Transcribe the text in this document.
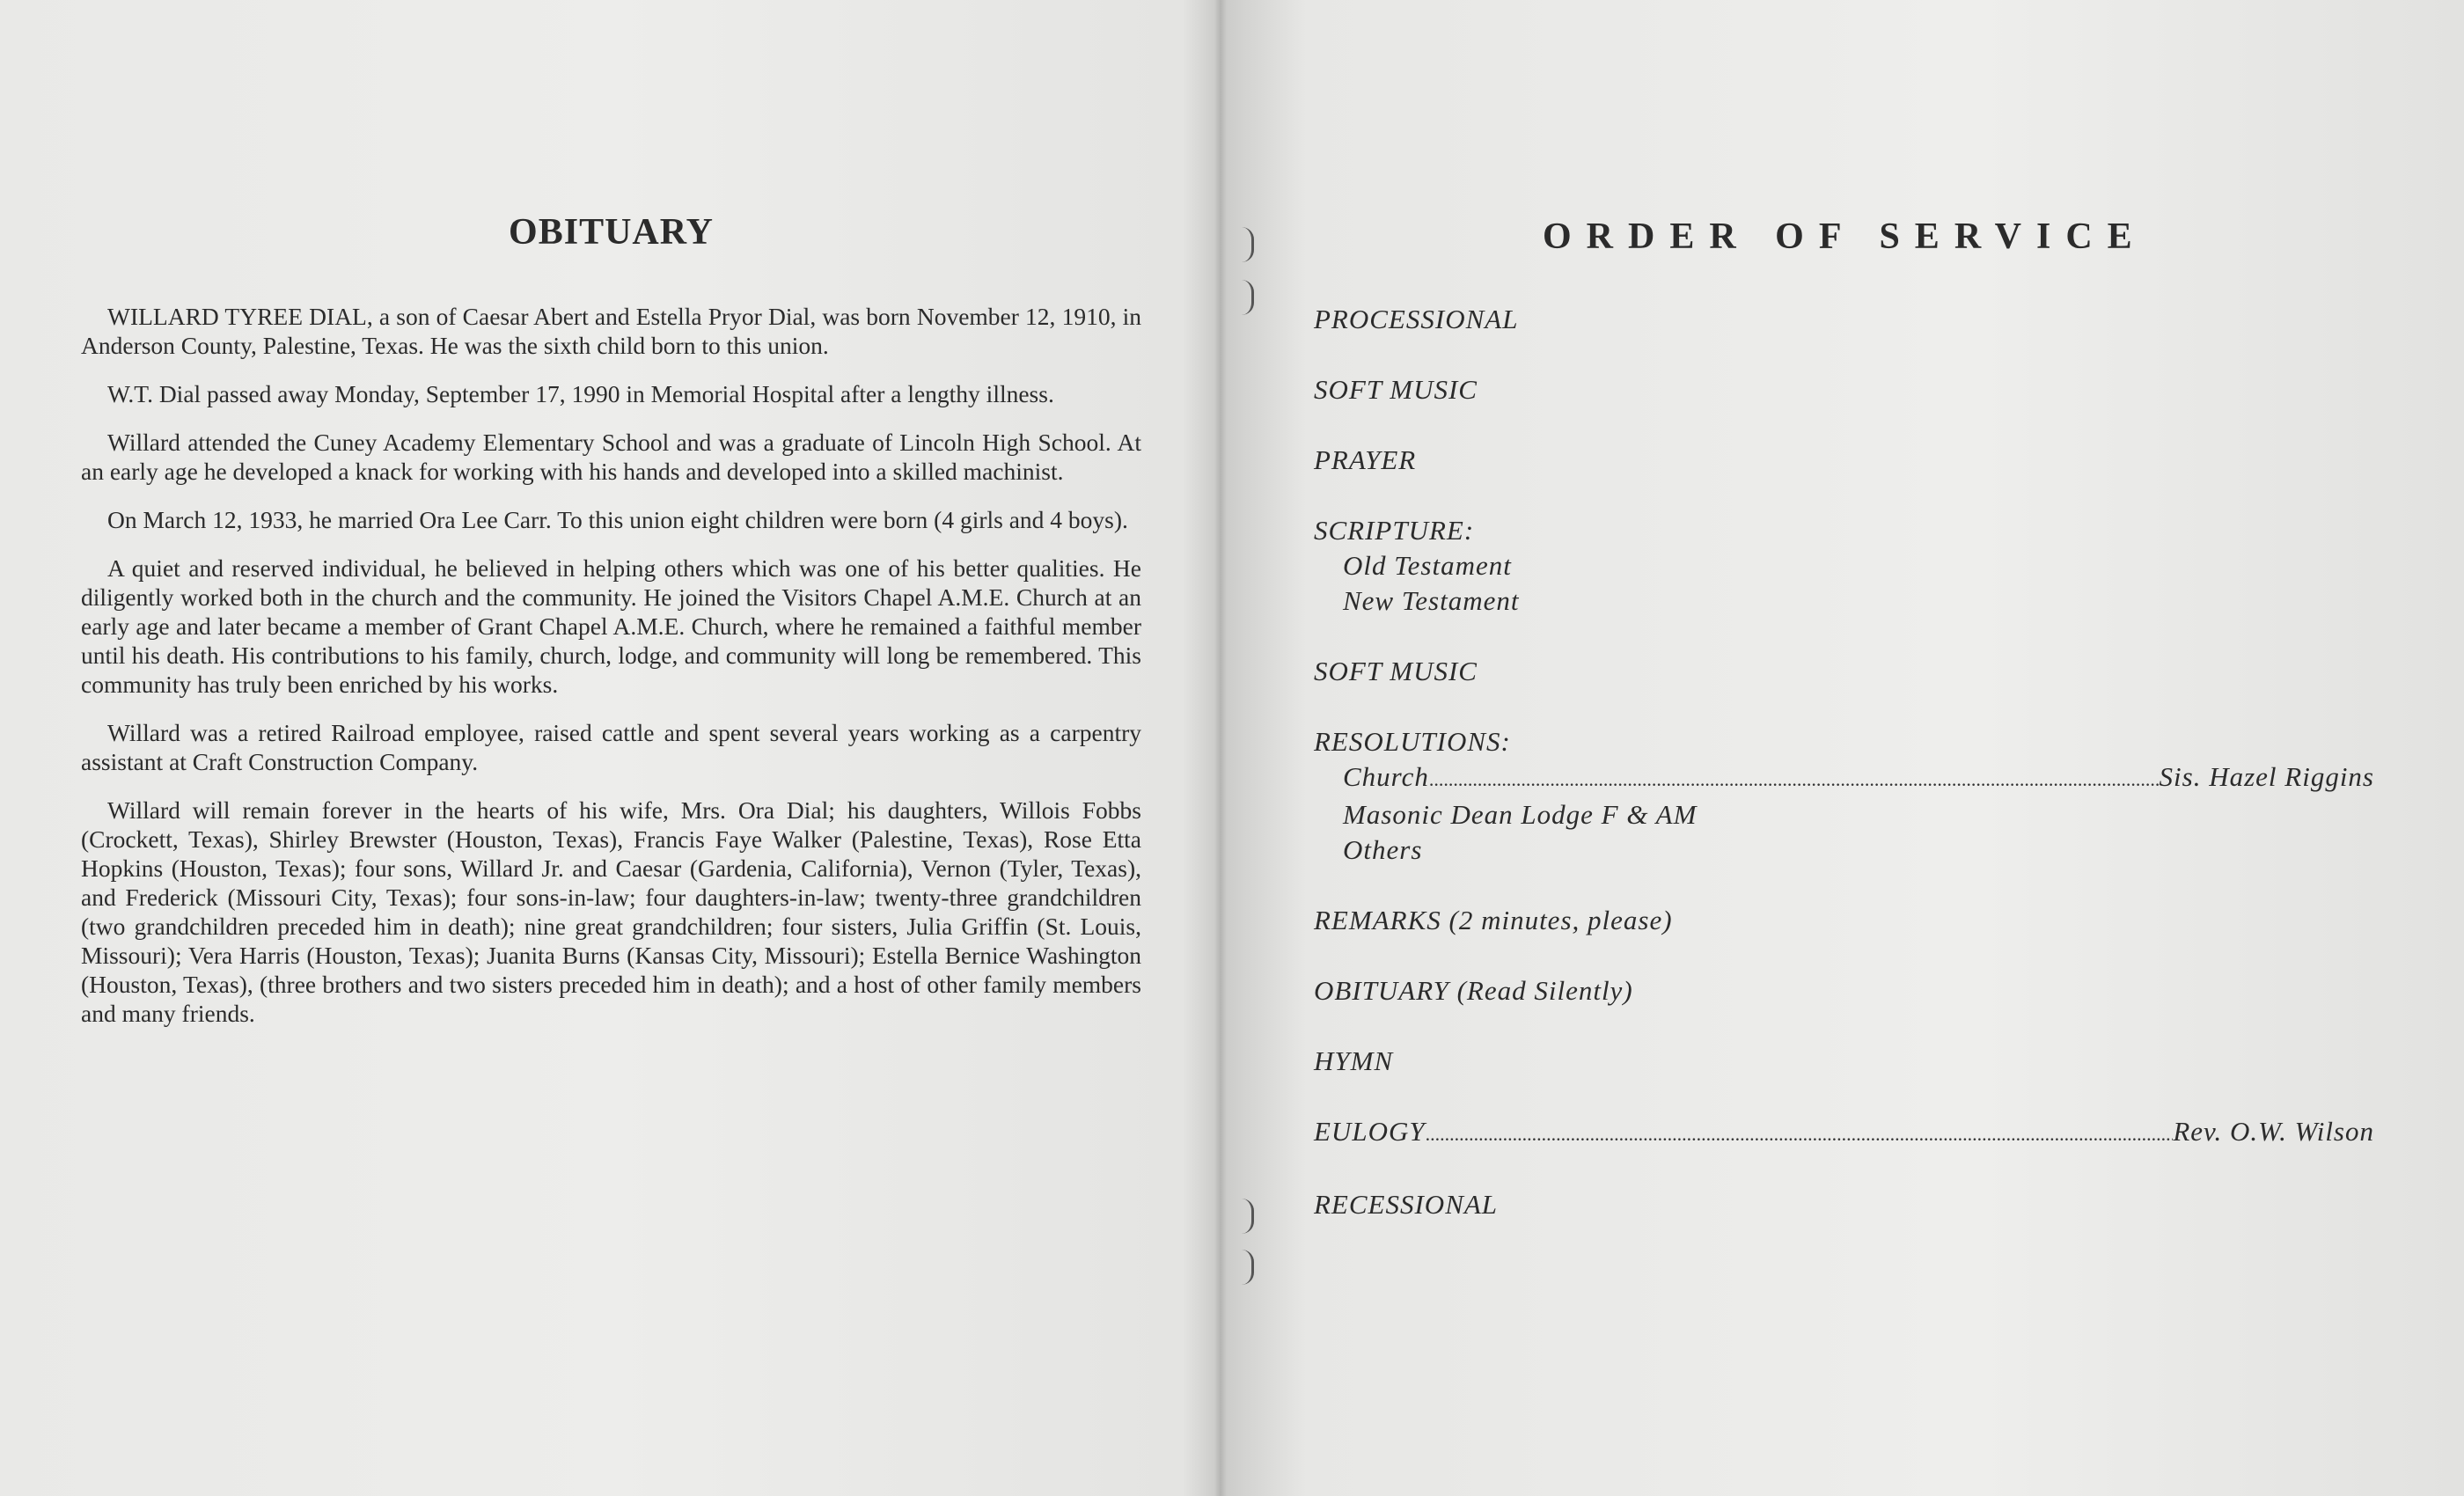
OBITUARY

WILLARD TYREE DIAL, a son of Caesar Abert and Estella Pryor Dial, was born November 12, 1910, in Anderson County, Palestine, Texas. He was the sixth child born to this union.

W.T. Dial passed away Monday, September 17, 1990 in Memorial Hospital after a lengthy illness.

Willard attended the Cuney Academy Elementary School and was a graduate of Lincoln High School. At an early age he developed a knack for working with his hands and developed into a skilled machinist.

On March 12, 1933, he married Ora Lee Carr. To this union eight children were born (4 girls and 4 boys).

A quiet and reserved individual, he believed in helping others which was one of his better qualities. He diligently worked both in the church and the community. He joined the Visitors Chapel A.M.E. Church at an early age and later became a member of Grant Chapel A.M.E. Church, where he remained a faithful member until his death. His contributions to his family, church, lodge, and community will long be remembered. This community has truly been enriched by his works.

Willard was a retired Railroad employee, raised cattle and spent several years working as a carpentry assistant at Craft Construction Company.

Willard will remain forever in the hearts of his wife, Mrs. Ora Dial; his daughters, Willois Fobbs (Crockett, Texas), Shirley Brewster (Houston, Texas), Francis Faye Walker (Palestine, Texas), Rose Etta Hopkins (Houston, Texas); four sons, Willard Jr. and Caesar (Gardenia, California), Vernon (Tyler, Texas), and Frederick (Missouri City, Texas); four sons-in-law; four daughters-in-law; twenty-three grandchildren (two grandchildren preceded him in death); nine great grandchildren; four sisters, Julia Griffin (St. Louis, Missouri); Vera Harris (Houston, Texas); Juanita Burns (Kansas City, Missouri); Estella Bernice Washington (Houston, Texas), (three brothers and two sisters preceded him in death); and a host of other family members and many friends.

ORDER OF SERVICE
PROCESSIONAL
SOFT MUSIC
PRAYER
SCRIPTURE:
Old Testament
New Testament
SOFT MUSIC
RESOLUTIONS:
Church .....	Sis. Hazel Riggins
Masonic Dean Lodge F & AM
Others
REMARKS (2 minutes, please)
OBITUARY (Read Silently)
HYMN
EULOGY .....	Rev. O.W. Wilson
RECESSIONAL
